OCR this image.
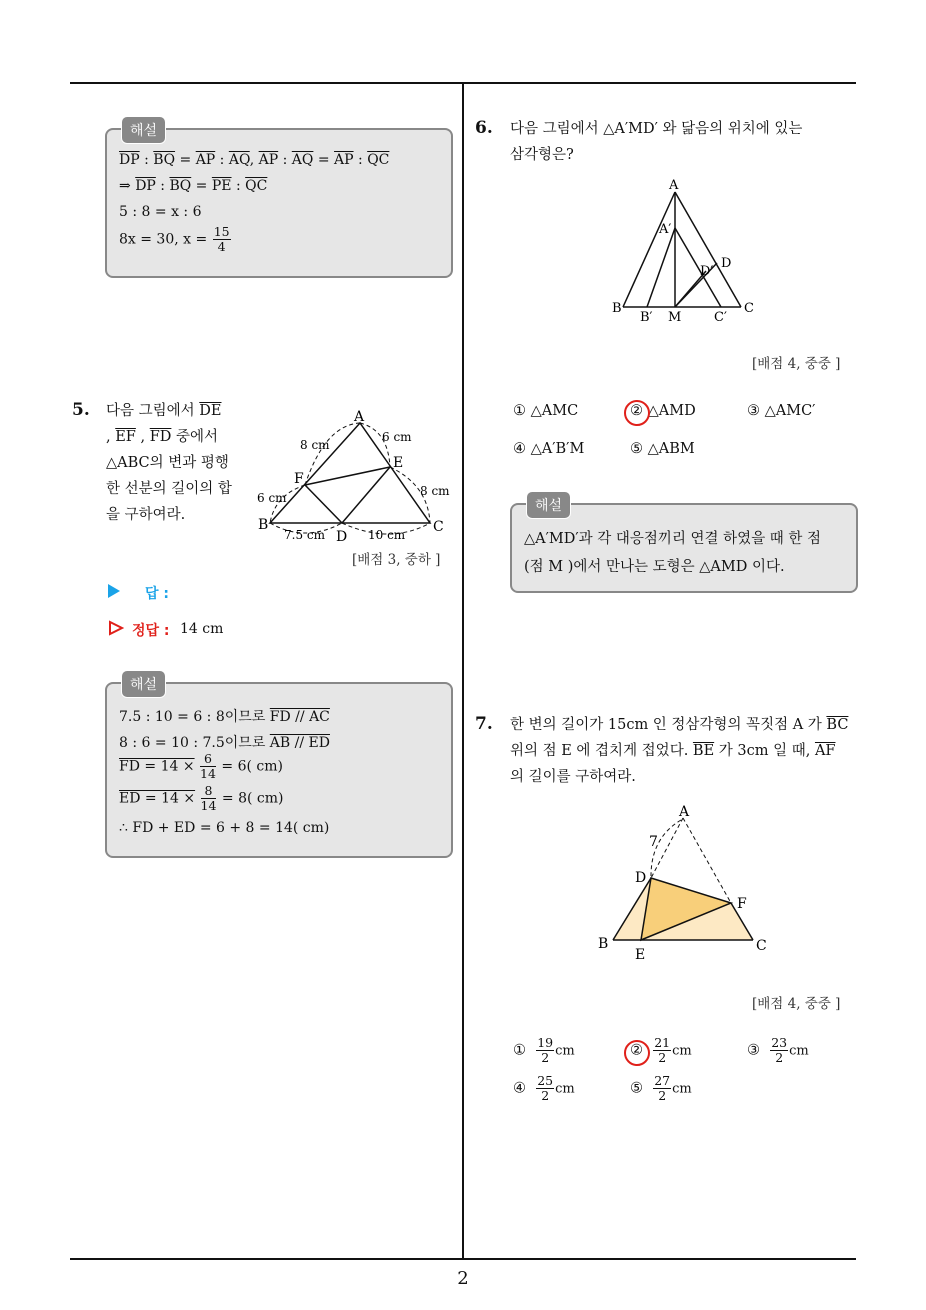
해설
$\overline{DP}$ : $\overline{BQ} = \overline{AP}$ : $\overline{AQ}$, $\overline{AP}$ : $\overline{AQ} = \overline{AP}$ : $\overline{QC}$
⇒ $\overline{DP}$ : $\overline{BQ} = \overline{PE}$ : $\overline{QC}$
5 : 8 = x : 6
8x = 30, $x = \frac{15}{4}$
5. 다음 그림에서 $\overline{DE}$
, $\overline{EF}$ , $\overline{FD}$ 중에서
△ABC의 변과 평행
한 선분의 길이의 합
을 구하여라.
A
B	C
D
E
F
8 cm
6 cm
6 cm	8 cm
7.5 cm	10 cm
[배점 3, 중하 ]
답 :
정답 : 14 cm
해설
7.5 : 10 = 6 : 8이므로 FD // AC
8 : 6 = 10 : 7.5이므로 AB // ED
FD = $14 \times \frac{6}{14} = 6$( cm)
ED = $14 \times \frac{8}{14} = 8$( cm)
∴ FD + ED = 6 + 8 = 14( cm)
6. 다음 그림에서 △A′MD′ 와 닮음의 위치에 있는
삼각형은?
A
A′
D
D′
B
B′ M	C′
C
[배점 4, 중중 ]
① △AMC	② △AMD	③ △AMC′
④ △A′B′M	⑤ △ABM
해설
△A′MD′과 각 대응점끼리 연결 하였을 때 한 점
(점 M )에서 만나는 도형은 △AMD 이다.
7. 한 변의 길이가 15cm 인 정삼각형의 꼭짓점 A 가 $\overline{BC}$
위의 점 E 에 겹치게 접었다. $\overline{BE}$ 가 3cm 일 때, $\overline{AF}$
의 길이를 구하여라.
A
7
D
F
B
E
C
[배점 4, 중중 ]
① $\frac{19}{2}$ cm	② $\frac{21}{2}$ cm	③ $\frac{23}{2}$ cm
④ $\frac{25}{2}$ cm	⑤ $\frac{27}{2}$ cm
2
